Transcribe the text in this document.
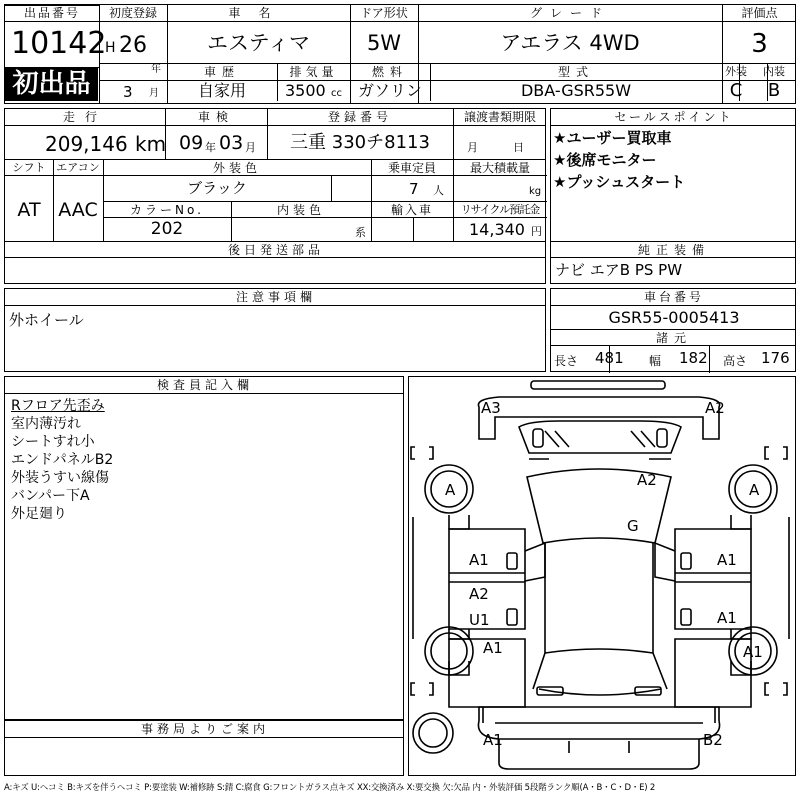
出品番号
10142
初出品
初度登録
H 26
年
3 月
車名
エスティマ
ドア形状
5W
グレード
アエラス 4WD
評価点
3
車歴	排気量	燃料	型式	外装	内装
自家用	3500 cc ガソリン	DBA-GSR55W	C	B
走行
209,146 km
車検
09 年 03 月
登録番号
三重 330チ8113
譲渡書類期限
月	日
シフト
AT
エアコン
AAC
外装色
ブラック
乗車定員
7 人
最大積載量
kg
カラーNo.
202
内装色
系
輸入車	リサイクル預託金
14,340 円
後日発送部品
セールスポイント
★ユーザー買取車
★後席モニター
★プッシュスタート
純正装備
ナビ エアB PS PW
注意事項欄
外ホイール
車台番号
GSR55-0005413
諸元
長さ 481 幅 182 高さ 176
検査員記入欄
Rフロア先歪み
室内薄汚れ
シートすれ小
エンドパネルB2
外装うすい線傷
バンパー下A
外足廻り
事務局よりご案内
A3	A2
A	A
A2
G
A1	A1
A2
U1	A1
A1	A1
A1	B2
A:キズ U:ヘコミ B:キズを伴うヘコミ P:要塗装 W:補修跡 S:錆 C:腐食 G:フロントガラス点キズ XX:交換済み X:要交換 欠:欠品 内・外装評価 5段階ランク順(A・B・C・D・E) 2
